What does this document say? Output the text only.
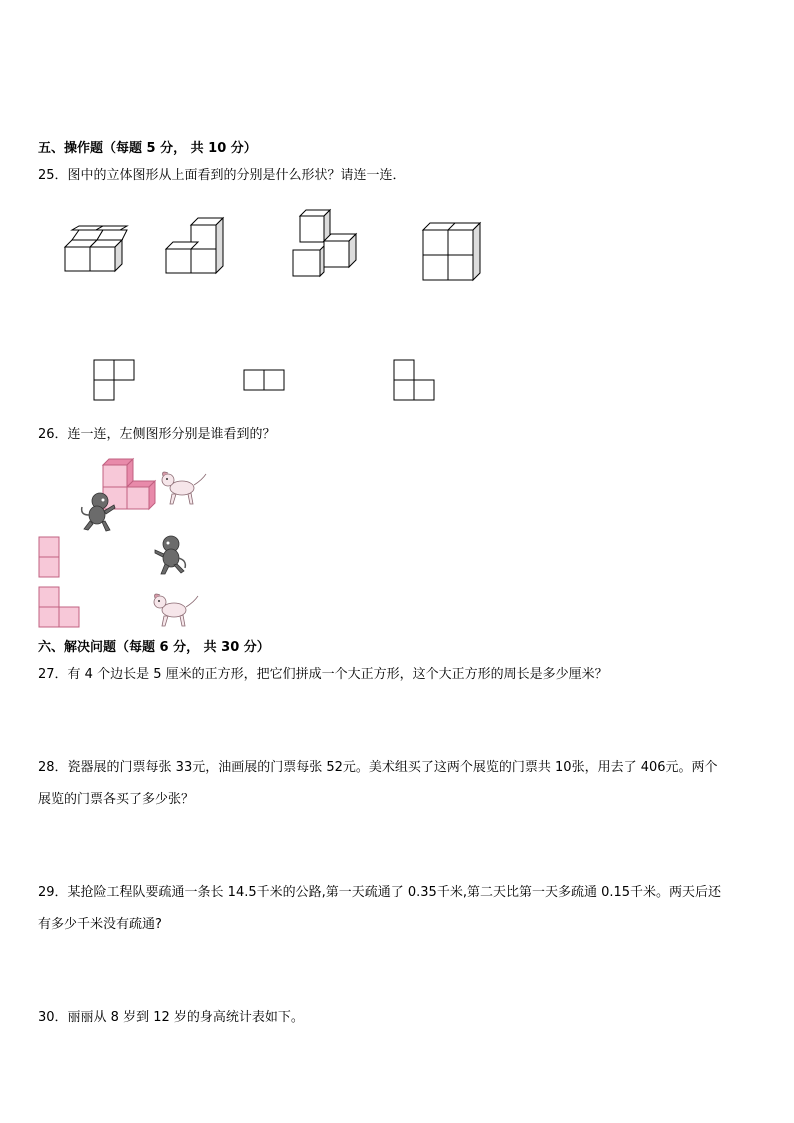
五、操作题（每题 5 分， 共 10 分）
25．图中的立体图形从上面看到的分别是什么形状？请连一连．
26．连一连，左侧图形分别是谁看到的？
六、解决问题（每题 6 分， 共 30 分）
27．有 4 个边长是 5 厘米的正方形，把它们拼成一个大正方形，这个大正方形的周长是多少厘米？
28．瓷器展的门票每张 33元，油画展的门票每张 52元。美术组买了这两个展览的门票共 10张，用去了 406元。两个
展览的门票各买了多少张？
29．某抢险工程队要疏通一条长 14.5千米的公路,第一天疏通了 0.35千米,第二天比第一天多疏通 0.15千米。两天后还
有多少千米没有疏通?
30．丽丽从 8 岁到 12 岁的身高统计表如下。
